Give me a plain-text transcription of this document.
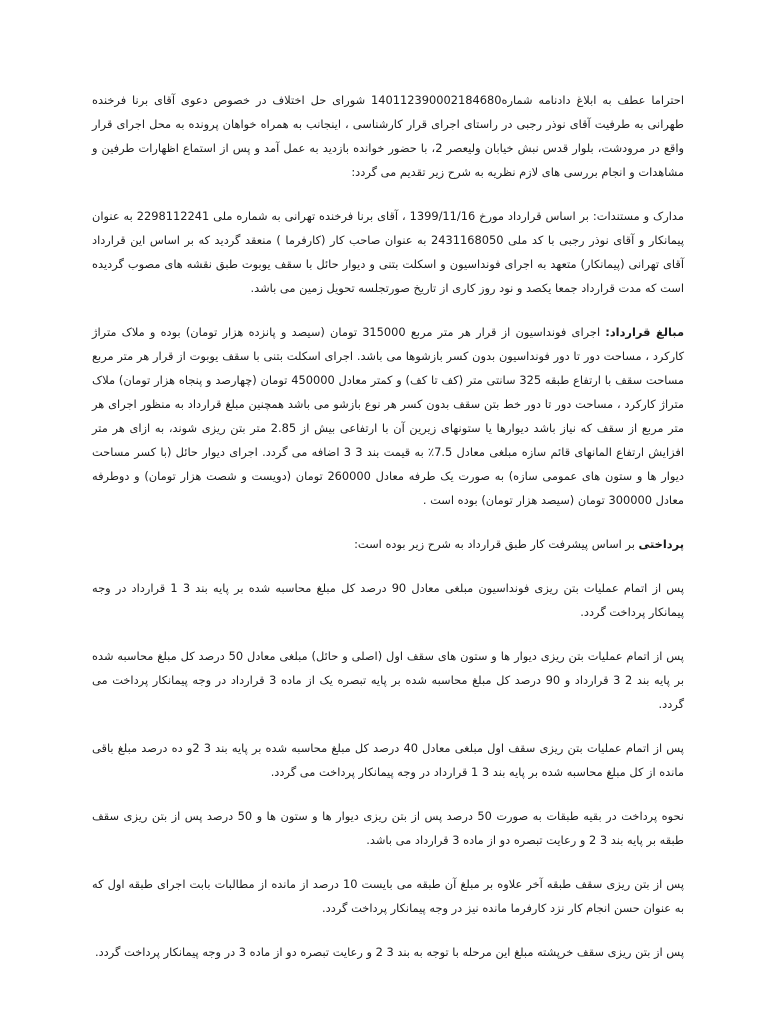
احتراما عطف به ابلاغ دادنامه شماره140112390002184680 شورای حل اختلاف در خصوص دعوی آقای برنا فرخنده طهرانی به طرفیت آقای نوذر رجبی در راستای اجرای قرار کارشناسی ، اینجانب به همراه خواهان پرونده به محل اجرای قرار واقع در مرودشت، بلوار قدس نبش خیابان ولیعصر 2، با حضور خوانده بازدید به عمل آمد و پس از استماع اظهارات طرفین و مشاهدات و انجام بررسی های لازم نظریه به شرح زیر تقدیم می گردد:

مدارک و مستندات: بر اساس قرارداد مورخ 1399/11/16 ، آقای برنا فرخنده تهرانی به شماره ملی 2298112241 به عنوان پیمانکار و آقای نوذر رجبی با کد ملی 2431168050 به عنوان صاحب کار (کارفرما ) منعقد گردید که بر اساس این قرارداد آقای تهرانی (پیمانکار) متعهد به اجرای فونداسیون و اسکلت بتنی و دیوار حائل با سقف یوبوت طبق نقشه های مصوب گردیده است که مدت قرارداد جمعا یکصد و نود روز کاری از تاریخ صورتجلسه تحویل زمین می باشد.

مبالغ قرارداد: اجرای فونداسیون از قرار هر متر مربع 315000 تومان (سیصد و پانزده هزار تومان) بوده و ملاک متراژ کارکرد ، مساحت دور تا دور فونداسیون بدون کسر بازشوها می باشد. اجرای اسکلت بتنی با سقف یوبوت از قرار هر متر مربع مساحت سقف با ارتفاع طبقه 325 سانتی متر (کف تا کف) و کمتر معادل 450000 تومان (چهارصد و پنجاه هزار تومان) ملاک متراژ کارکرد ، مساحت دور تا دور خط بتن سقف بدون کسر هر نوع بازشو می باشد همچنین مبلغ قرارداد به منظور اجرای هر متر مربع از سقف که نیاز باشد دیوارها یا ستونهای زیرین آن با ارتفاعی بیش از 2.85 متر بتن ریزی شوند، به ازای هر متر افزایش ارتفاع المانهای قائم سازه مبلغی معادل 7.5٪ به قیمت بند 3 3 اضافه می گردد. اجرای دیوار حائل (با کسر مساحت دیوار ها و ستون های عمومی سازه) به صورت یک طرفه معادل 260000 تومان (دویست و شصت هزار تومان) و دوطرفه معادل 300000 تومان (سیصد هزار تومان) بوده است .

پرداختی بر اساس پیشرفت کار طبق قرارداد به شرح زیر بوده است:

پس از اتمام عملیات بتن ریزی فونداسیون مبلغی معادل 90 درصد کل مبلغ محاسبه شده بر پایه بند 3 1 قرارداد در وجه پیمانکار پرداخت گردد.

پس از اتمام عملیات بتن ریزی دیوار ها و ستون های سقف اول (اصلی و حائل) مبلغی معادل 50 درصد کل مبلغ محاسبه شده بر پایه بند 2 3 قرارداد و 90 درصد کل مبلغ محاسبه شده بر پایه تبصره یک از ماده 3 قرارداد در وجه پیمانکار پرداخت می گردد.

پس از اتمام عملیات بتن ریزی سقف اول مبلغی معادل 40 درصد کل مبلغ محاسبه شده بر پایه بند 3 2و ده درصد مبلغ باقی مانده از کل مبلغ محاسبه شده بر پایه بند 3 1 قرارداد در وجه پیمانکار پرداخت می گردد.

نحوه پرداخت در بقیه طبقات به صورت 50 درصد پس از بتن ریزی دیوار ها و ستون ها و 50 درصد پس از بتن ریزی سقف طبقه بر پایه بند 3 2 و رعایت تبصره دو از ماده 3 قرارداد می باشد.

پس از بتن ریزی سقف طبقه آخر علاوه بر مبلغ آن طبقه می بایست 10 درصد از مانده از مطالبات بابت اجرای طبقه اول که به عنوان حسن انجام کار نزد کارفرما مانده نیز در وجه پیمانکار پرداخت گردد.

پس از بتن ریزی سقف خرپشته مبلغ این مرحله با توجه به بند 3 2 و رعایت تبصره دو از ماده 3 در وجه پیمانکار پرداخت گردد.
